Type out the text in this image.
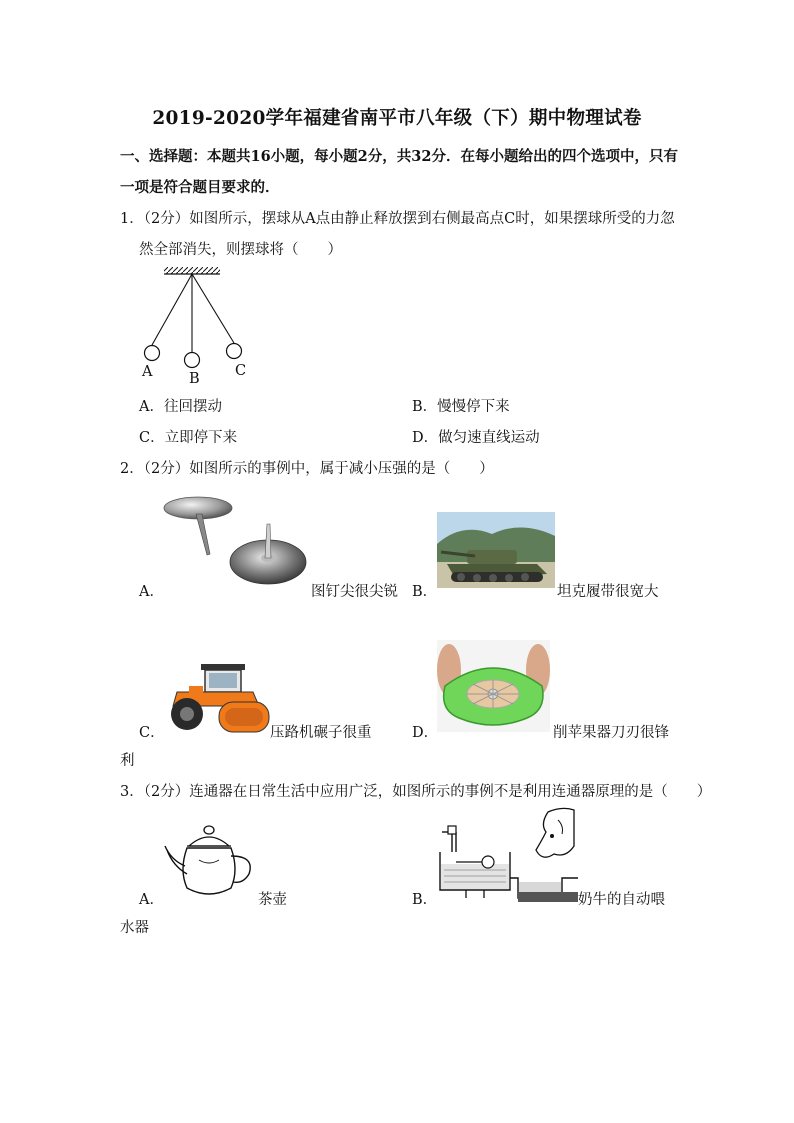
2019-2020学年福建省南平市八年级（下）期中物理试卷
一、选择题：本题共16小题，每小题2分，共32分．在每小题给出的四个选项中，只有
一项是符合题目要求的．
1．（2分）如图所示，摆球从A点由静止释放摆到右侧最高点C时，如果摆球所受的力忽
然全部消失，则摆球将（　　）
A	B C
A．往回摆动	B．慢慢停下来
C．立即停下来	D．做匀速直线运动
2．（2分）如图所示的事例中，属于减小压强的是（　　）
A．	图钉尖很尖锐 B．	坦克履带很宽大
C．	压路机碾子很重	D．	削苹果器刀刃很锋
利
3．（2分）连通器在日常生活中应用广泛，如图所示的事例不是利用连通器原理的是（　　）
A．	茶壶	B．	奶牛的自动喂
水器
